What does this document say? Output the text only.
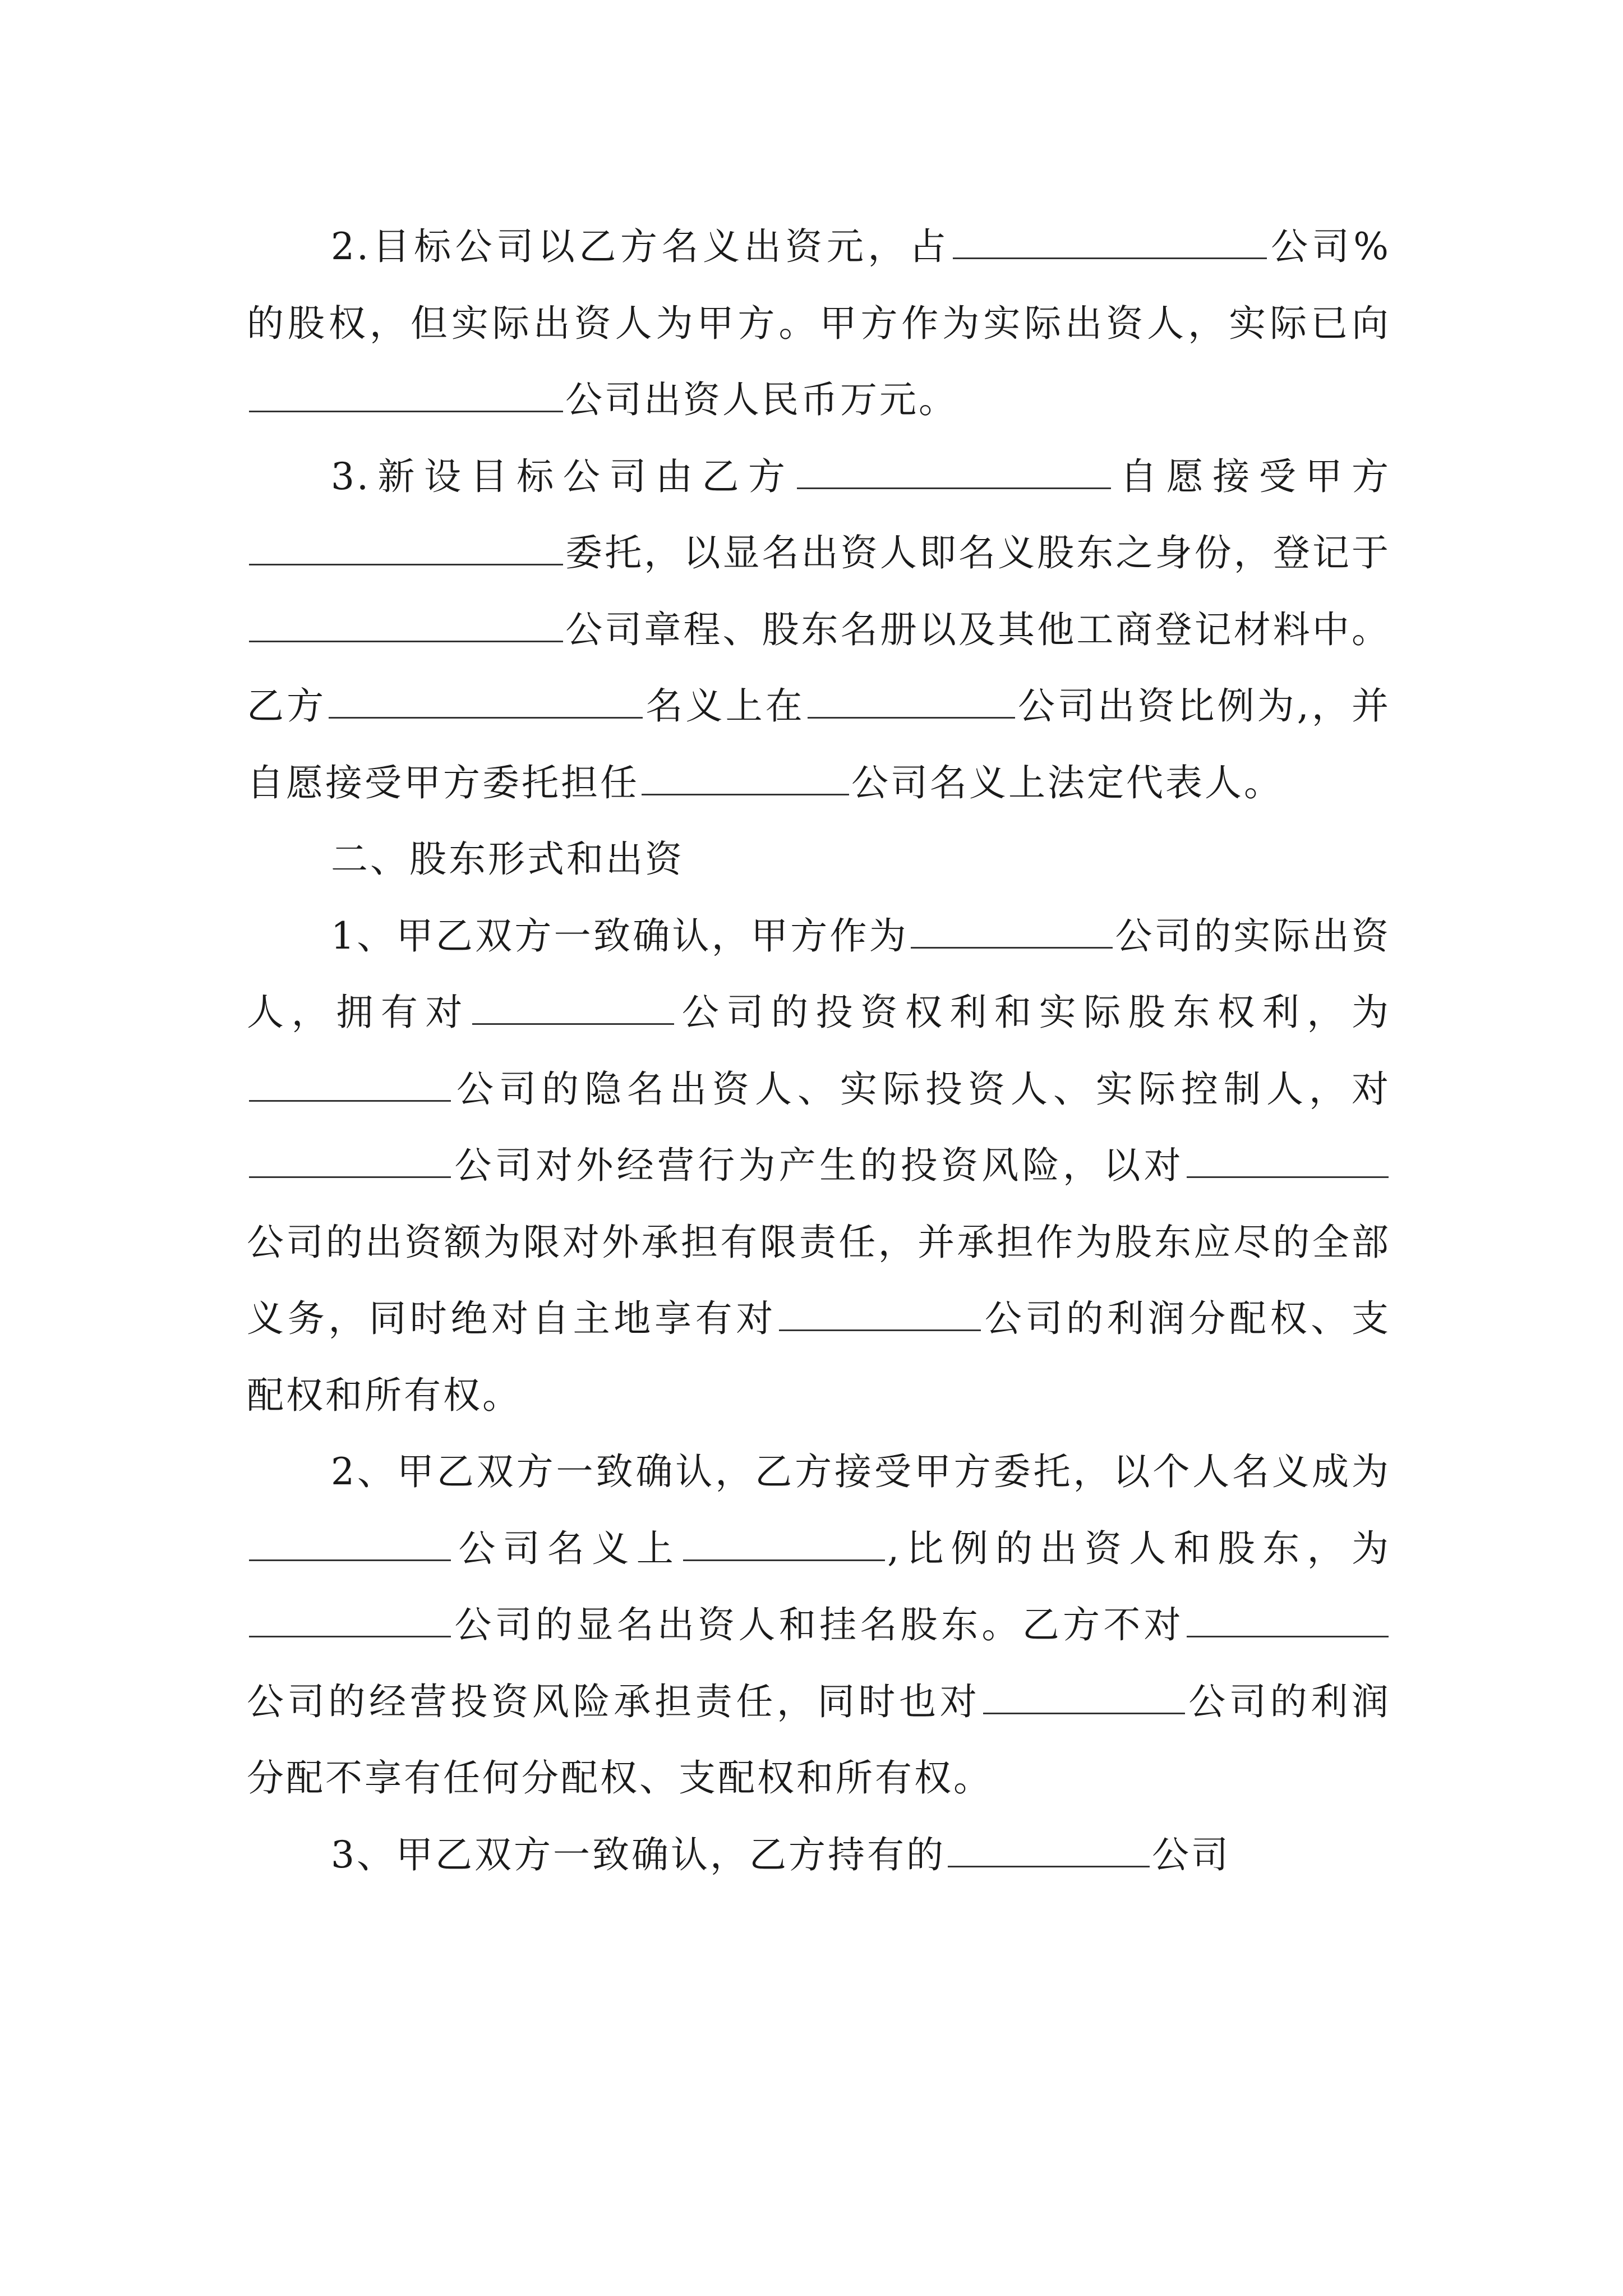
2.目标公司以乙方名义出资元，占	公司%的股权，但实际出资人为甲方。甲方作为实际出资人，实际已向公司出资人民币万元。

3.新设目标公司由乙方	自愿接受甲方委托，以显名出资人即名义股东之身份，登记于公司章程、股东名册以及其他工商登记材料中。乙方	名义上在	公司出资比例为,，并自愿接受甲方委托担任	公司名义上法定代表人。

二、股东形式和出资

1、甲乙双方一致确认，甲方作为	公司的实际出资人，拥有对	公司的投资权利和实际股东权利，为公司的隐名出资人、实际投资人、实际控制人，对公司对外经营行为产生的投资风险，以对公司的出资额为限对外承担有限责任，并承担作为股东应尽的全部义务，同时绝对自主地享有对	公司的利润分配权、支配权和所有权。

2、甲乙双方一致确认，乙方接受甲方委托，以个人名义成为公司名义上	,比例的出资人和股东，为公司的显名出资人和挂名股东。乙方不对公司的经营投资风险承担责任，同时也对	公司的利润分配不享有任何分配权、支配权和所有权。

3、甲乙双方一致确认，乙方持有的	公司
